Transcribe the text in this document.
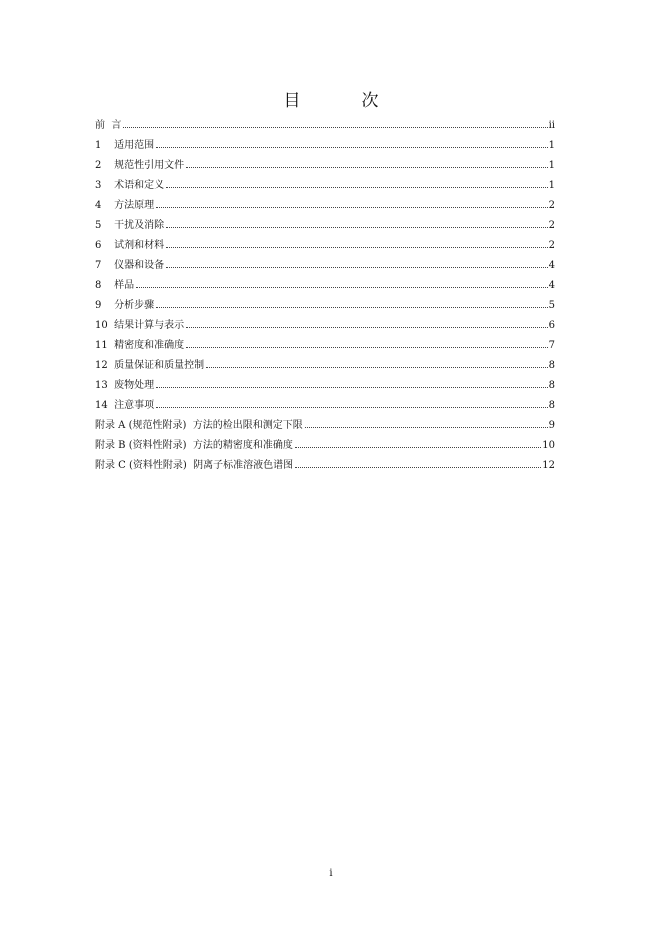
目　次
前  言	ii
1    适用范围	1
2    规范性引用文件	1
3    术语和定义	1
4    方法原理	2
5    干扰及消除	2
6    试剂和材料	2
7    仪器和设备	4
8    样品	4
9    分析步骤	5
10  结果计算与表示	6
11  精密度和准确度	7
12  质量保证和质量控制	8
13  废物处理	8
14  注意事项	8
附录 A (规范性附录)  方法的检出限和测定下限	9
附录 B (资料性附录)  方法的精密度和准确度	10
附录 C (资料性附录)  阴离子标准溶液色谱图	12
i
